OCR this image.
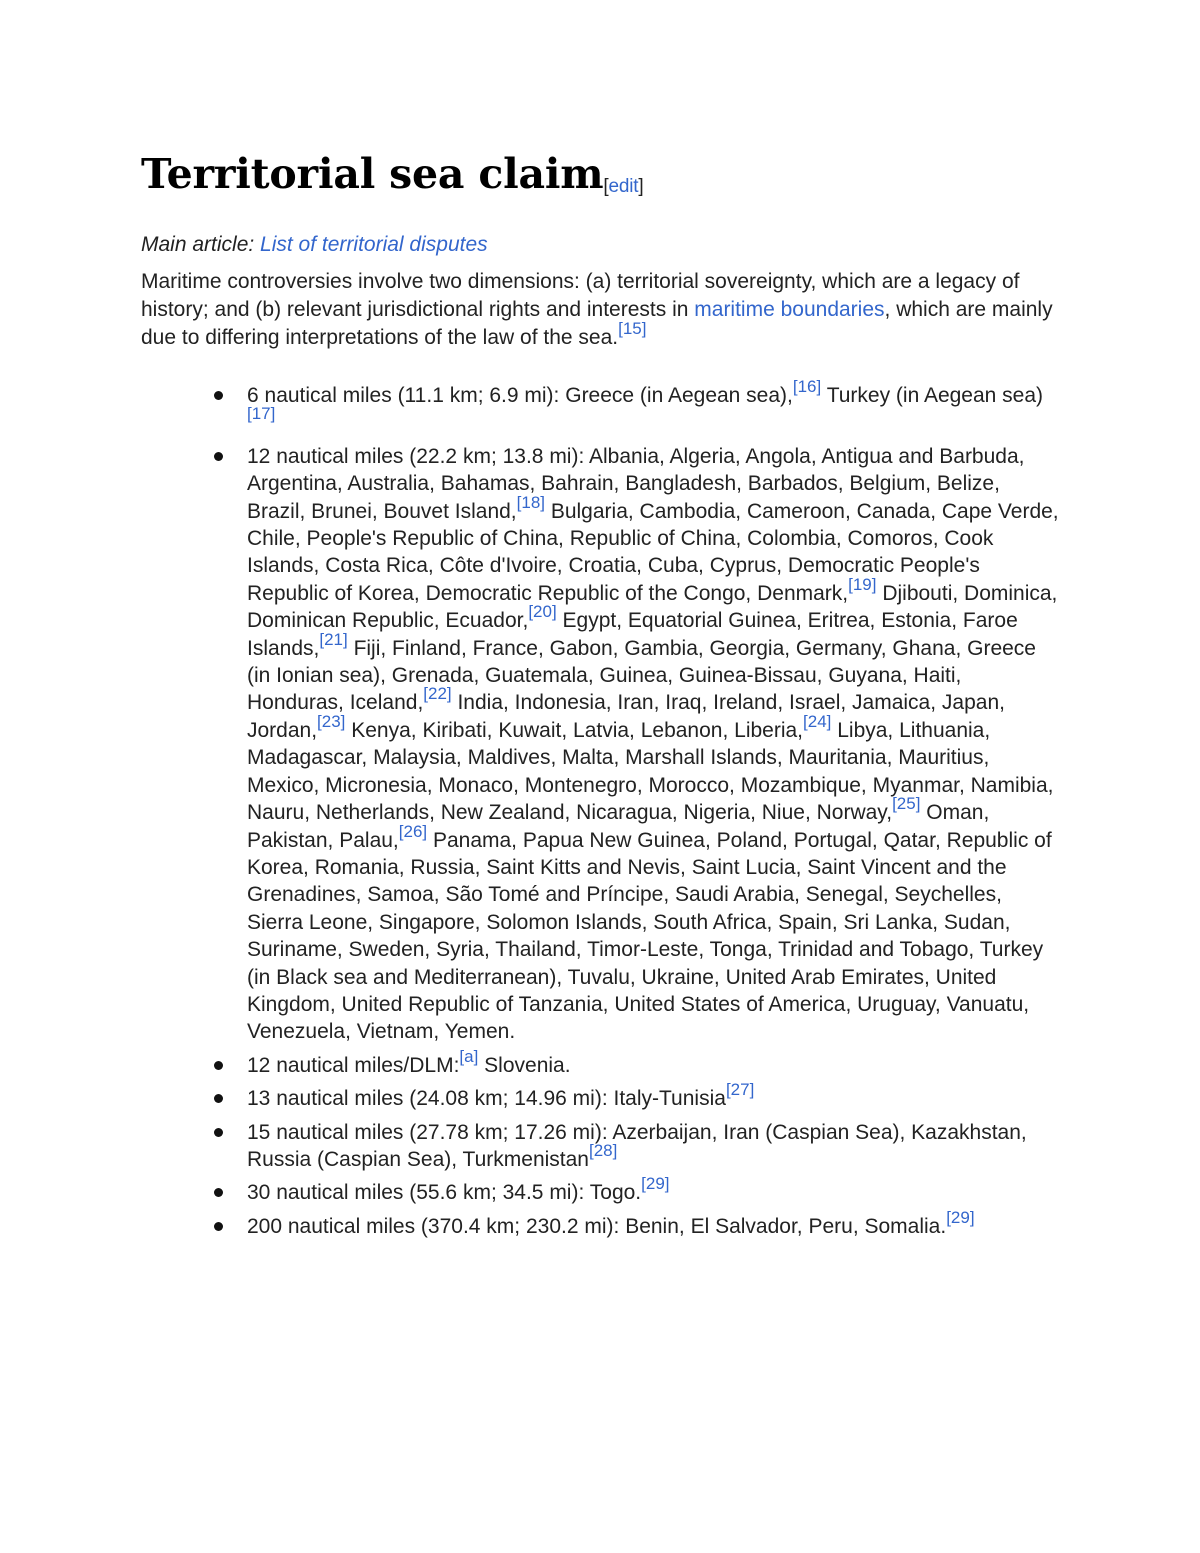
Territorial sea claim[edit]
Main article: List of territorial disputes

Maritime controversies involve two dimensions: (a) territorial sovereignty, which are a legacy of history; and (b) relevant jurisdictional rights and interests in maritime boundaries, which are mainly due to differing interpretations of the law of the sea.[15]

6 nautical miles (11.1 km; 6.9 mi): Greece (in Aegean sea),[16] Turkey (in Aegean sea)[17]
12 nautical miles (22.2 km; 13.8 mi): Albania, Algeria, Angola, Antigua and Barbuda, Argentina, Australia, Bahamas, Bahrain, Bangladesh, Barbados, Belgium, Belize, Brazil, Brunei, Bouvet Island,[18] Bulgaria, Cambodia, Cameroon, Canada, Cape Verde, Chile, People's Republic of China, Republic of China, Colombia, Comoros, Cook Islands, Costa Rica, Côte d'Ivoire, Croatia, Cuba, Cyprus, Democratic People's Republic of Korea, Democratic Republic of the Congo, Denmark,[19] Djibouti, Dominica, Dominican Republic, Ecuador,[20] Egypt, Equatorial Guinea, Eritrea, Estonia, Faroe Islands,[21] Fiji, Finland, France, Gabon, Gambia, Georgia, Germany, Ghana, Greece (in Ionian sea), Grenada, Guatemala, Guinea, Guinea-Bissau, Guyana, Haiti, Honduras, Iceland,[22] India, Indonesia, Iran, Iraq, Ireland, Israel, Jamaica, Japan, Jordan,[23] Kenya, Kiribati, Kuwait, Latvia, Lebanon, Liberia,[24] Libya, Lithuania, Madagascar, Malaysia, Maldives, Malta, Marshall Islands, Mauritania, Mauritius, Mexico, Micronesia, Monaco, Montenegro, Morocco, Mozambique, Myanmar, Namibia, Nauru, Netherlands, New Zealand, Nicaragua, Nigeria, Niue, Norway,[25] Oman, Pakistan, Palau,[26] Panama, Papua New Guinea, Poland, Portugal, Qatar, Republic of Korea, Romania, Russia, Saint Kitts and Nevis, Saint Lucia, Saint Vincent and the Grenadines, Samoa, São Tomé and Príncipe, Saudi Arabia, Senegal, Seychelles, Sierra Leone, Singapore, Solomon Islands, South Africa, Spain, Sri Lanka, Sudan, Suriname, Sweden, Syria, Thailand, Timor-Leste, Tonga, Trinidad and Tobago, Turkey (in Black sea and Mediterranean), Tuvalu, Ukraine, United Arab Emirates, United Kingdom, United Republic of Tanzania, United States of America, Uruguay, Vanuatu, Venezuela, Vietnam, Yemen.
12 nautical miles/DLM:[a] Slovenia.
13 nautical miles (24.08 km; 14.96 mi): Italy-Tunisia[27]
15 nautical miles (27.78 km; 17.26 mi): Azerbaijan, Iran (Caspian Sea), Kazakhstan, Russia (Caspian Sea), Turkmenistan[28]
30 nautical miles (55.6 km; 34.5 mi): Togo.[29]
200 nautical miles (370.4 km; 230.2 mi): Benin, El Salvador, Peru, Somalia.[29]
